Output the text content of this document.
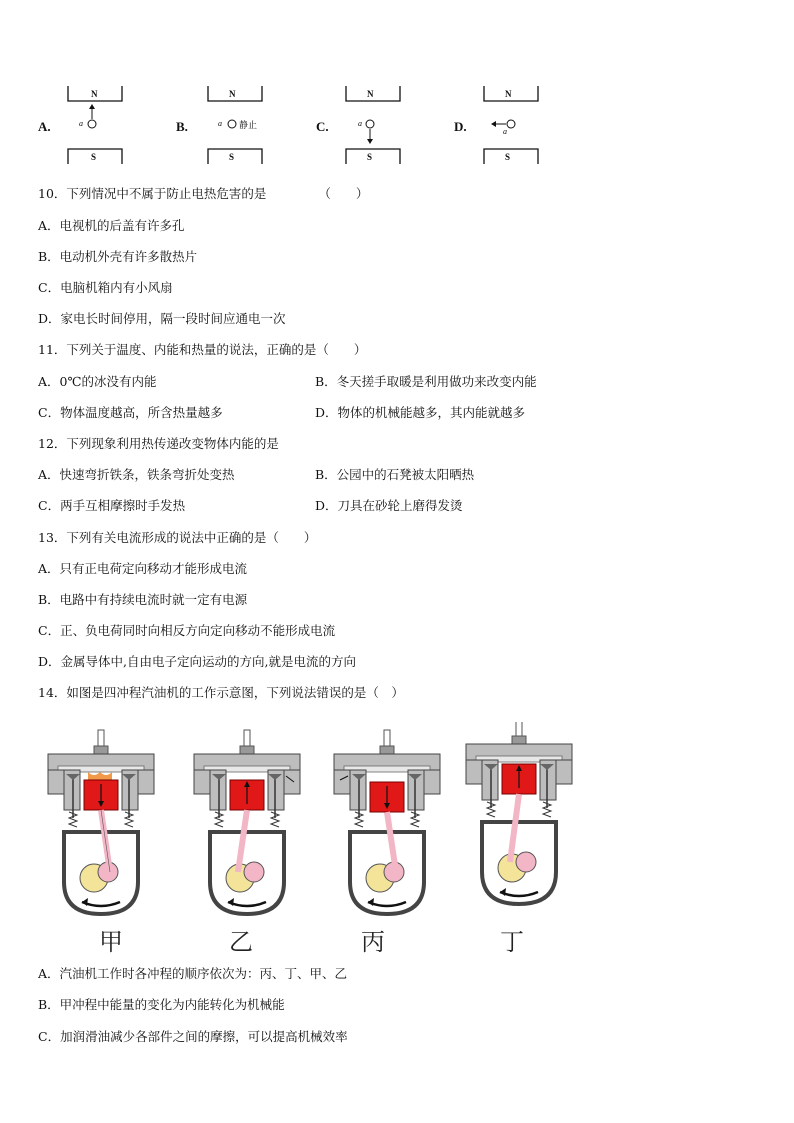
A.
N
S
a	B.
N
S
a 静止	C.
N
S
a	D.
N
S
a
10．下列情况中不属于防止电热危害的是	（　　）
A．电视机的后盖有许多孔
B．电动机外壳有许多散热片
C．电脑机箱内有小风扇
D．家电长时间停用，隔一段时间应通电一次
11．下列关于温度、内能和热量的说法，正确的是（　　）
A．0℃的冰没有内能	B．冬天搓手取暖是利用做功来改变内能
C．物体温度越高，所含热量越多	D．物体的机械能越多，其内能就越多
12．下列现象利用热传递改变物体内能的是
A．快速弯折铁条，铁条弯折处变热	B．公园中的石凳被太阳晒热
C．两手互相摩擦时手发热	D．刀具在砂轮上磨得发烫
13．下列有关电流形成的说法中正确的是（　　）
A．只有正电荷定向移动才能形成电流
B．电路中有持续电流时就一定有电源
C．正、负电荷同时向相反方向定向移动不能形成电流
D．金属导体中,自由电子定向运动的方向,就是电流的方向
14．如图是四冲程汽油机的工作示意图，下列说法错误的是（　）
甲	乙	丙	丁
A．汽油机工作时各冲程的顺序依次为：丙、丁、甲、乙
B．甲冲程中能量的变化为内能转化为机械能
C．加润滑油减少各部件之间的摩擦，可以提高机械效率
